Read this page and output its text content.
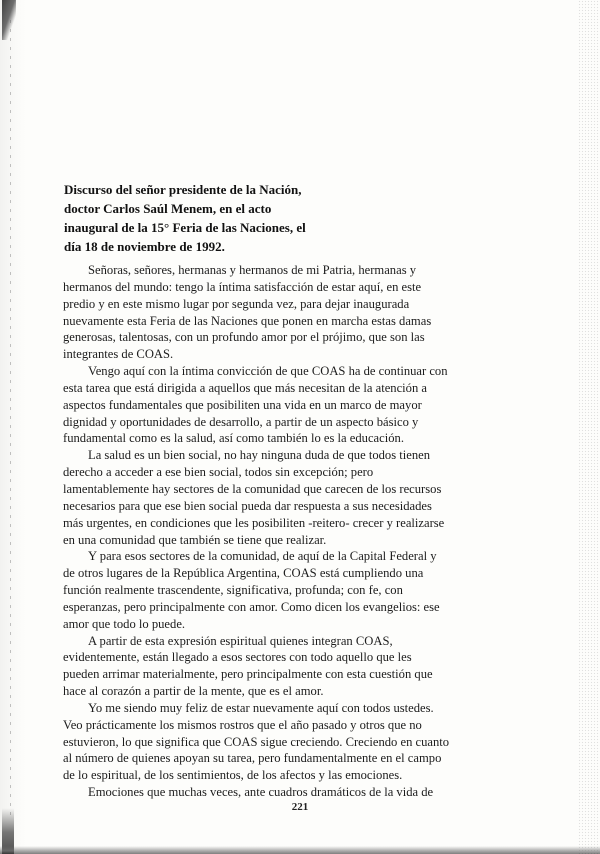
Discurso del señor presidente de la Nación,
doctor Carlos Saúl Menem, en el acto
inaugural de la 15° Feria de las Naciones, el
día 18 de noviembre de 1992.
Señoras, señores, hermanas y hermanos de mi Patria, hermanas y
hermanos del mundo: tengo la íntima satisfacción de estar aquí, en este
predio y en este mismo lugar por segunda vez, para dejar inaugurada
nuevamente esta Feria de las Naciones que ponen en marcha estas damas
generosas, talentosas, con un profundo amor por el prójimo, que son las
integrantes de COAS.
Vengo aquí con la íntima convicción de que COAS ha de continuar con
esta tarea que está dirigida a aquellos que más necesitan de la atención a
aspectos fundamentales que posibiliten una vida en un marco de mayor
dignidad y oportunidades de desarrollo, a partir de un aspecto básico y
fundamental como es la salud, así como también lo es la educación.
La salud es un bien social, no hay ninguna duda de que todos tienen
derecho a acceder a ese bien social, todos sin excepción; pero
lamentablemente hay sectores de la comunidad que carecen de los recursos
necesarios para que ese bien social pueda dar respuesta a sus necesidades
más urgentes, en condiciones que les posibiliten -reitero- crecer y realizarse
en una comunidad que también se tiene que realizar.
Y para esos sectores de la comunidad, de aquí de la Capital Federal y
de otros lugares de la República Argentina, COAS está cumpliendo una
función realmente trascendente, significativa, profunda; con fe, con
esperanzas, pero principalmente con amor. Como dicen los evangelios: ese
amor que todo lo puede.
A partir de esta expresión espiritual quienes integran COAS,
evidentemente, están llegado a esos sectores con todo aquello que les
pueden arrimar materialmente, pero principalmente con esta cuestión que
hace al corazón a partir de la mente, que es el amor.
Yo me siendo muy feliz de estar nuevamente aquí con todos ustedes.
Veo prácticamente los mismos rostros que el año pasado y otros que no
estuvieron, lo que significa que COAS sigue creciendo. Creciendo en cuanto
al número de quienes apoyan su tarea, pero fundamentalmente en el campo
de lo espiritual, de los sentimientos, de los afectos y las emociones.
Emociones que muchas veces, ante cuadros dramáticos de la vida de
221
